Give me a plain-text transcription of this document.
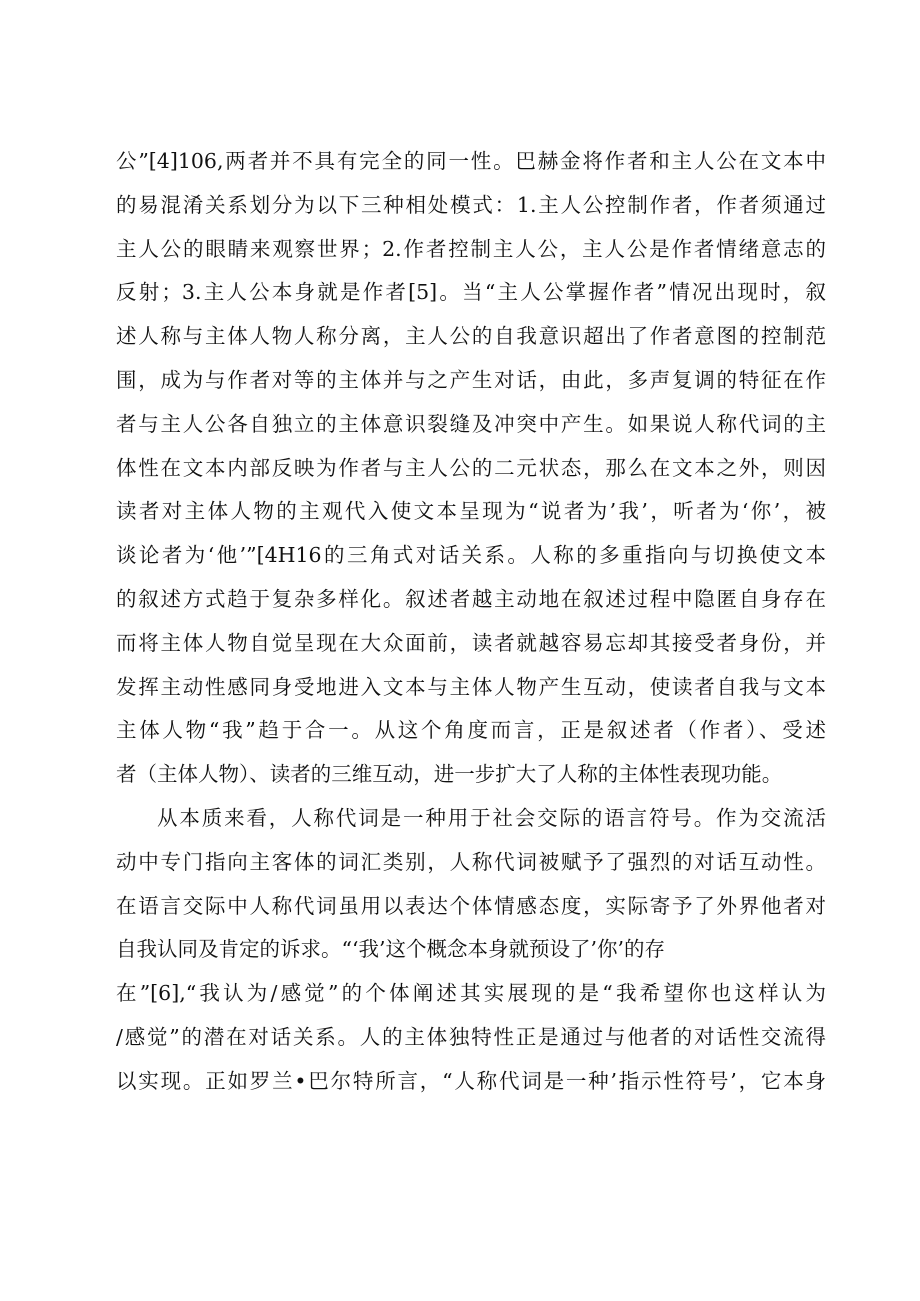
公”[4]106,两者并不具有完全的同一性。巴赫金将作者和主人公在文本中
的易混淆关系划分为以下三种相处模式：1.主人公控制作者，作者须通过
主人公的眼睛来观察世界；2.作者控制主人公，主人公是作者情绪意志的
反射；3.主人公本身就是作者[5]。当“主人公掌握作者”情况出现时，叙
述人称与主体人物人称分离，主人公的自我意识超出了作者意图的控制范
围，成为与作者对等的主体并与之产生对话，由此，多声复调的特征在作
者与主人公各自独立的主体意识裂缝及冲突中产生。如果说人称代词的主
体性在文本内部反映为作者与主人公的二元状态，那么在文本之外，则因
读者对主体人物的主观代入使文本呈现为“说者为’我’，听者为‘你’，被
谈论者为‘他’”[4H16的三角式对话关系。人称的多重指向与切换使文本
的叙述方式趋于复杂多样化。叙述者越主动地在叙述过程中隐匿自身存在
而将主体人物自觉呈现在大众面前，读者就越容易忘却其接受者身份，并
发挥主动性感同身受地进入文本与主体人物产生互动，使读者自我与文本
主体人物“我”趋于合一。从这个角度而言，正是叙述者（作者）、受述
者（主体人物）、读者的三维互动，进一步扩大了人称的主体性表现功能。
从本质来看，人称代词是一种用于社会交际的语言符号。作为交流活
动中专门指向主客体的词汇类别，人称代词被赋予了强烈的对话互动性。
在语言交际中人称代词虽用以表达个体情感态度，实际寄予了外界他者对
自我认同及肯定的诉求。“‘我’这个概念本身就预设了’你’的存
在”[6],“我认为/感觉”的个体阐述其实展现的是“我希望你也这样认为
/感觉”的潜在对话关系。人的主体独特性正是通过与他者的对话性交流得
以实现。正如罗兰•巴尔特所言，“人称代词是一种’指示性符号’，它本身
